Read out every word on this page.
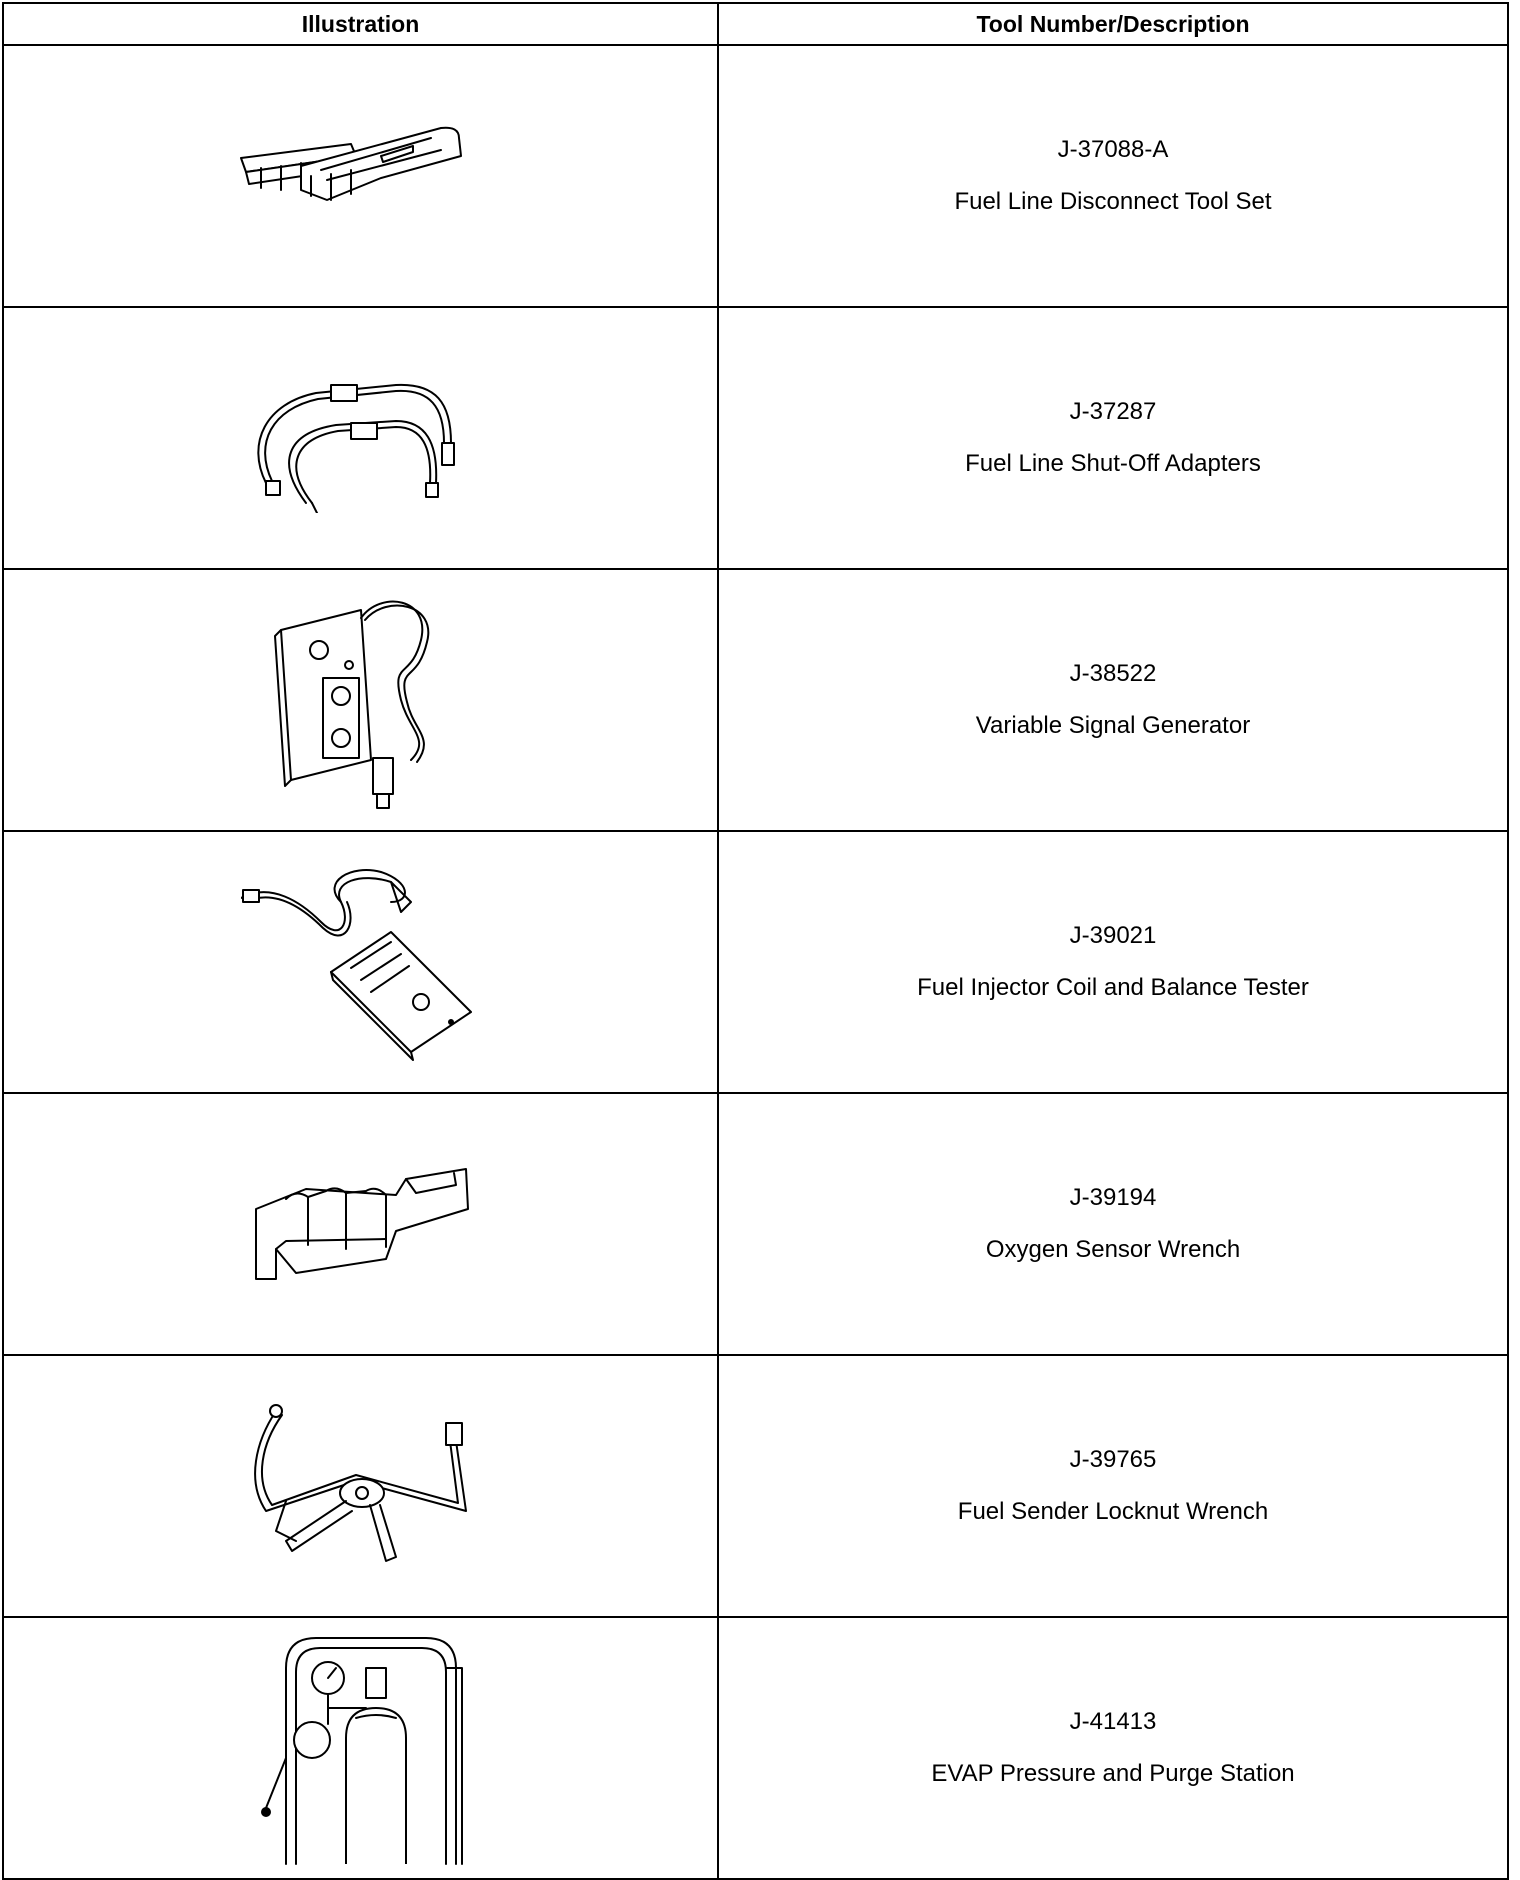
Illustration	Tool Number/Description

J-37088-A
Fuel Line Disconnect Tool Set

J-37287
Fuel Line Shut-Off Adapters

J-38522
Variable Signal Generator

J-39021
Fuel Injector Coil and Balance Tester

J-39194
Oxygen Sensor Wrench

J-39765
Fuel Sender Locknut Wrench

J-41413
EVAP Pressure and Purge Station
